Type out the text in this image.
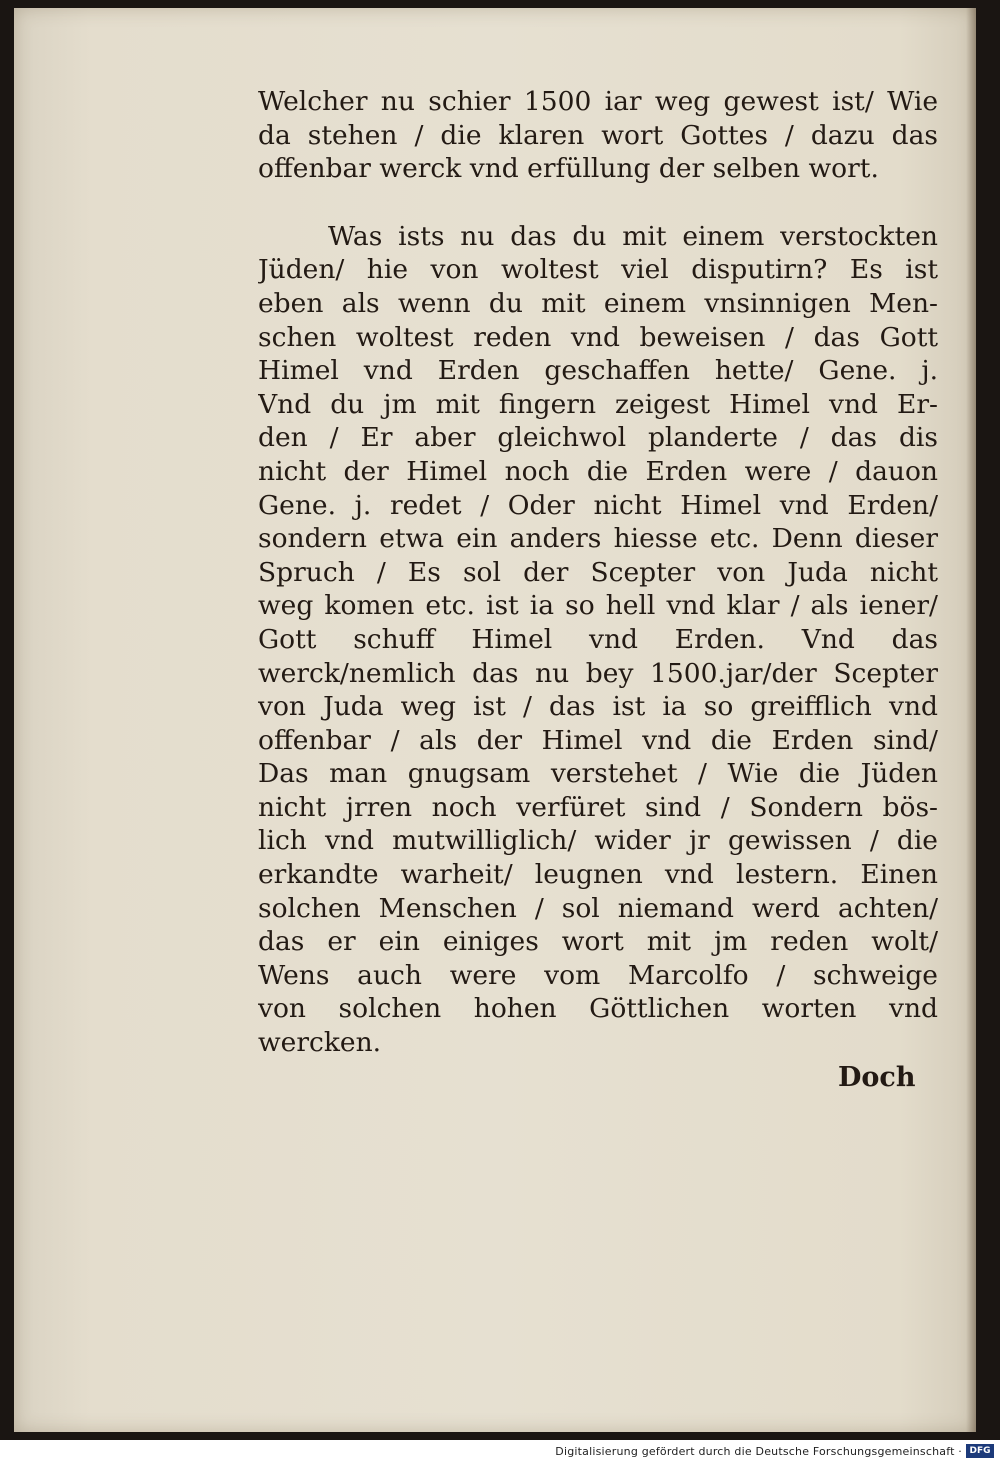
Welcher nu schier 1500 iar weg gewest ist/ Wie
da stehen / die klaren wort Gottes / dazu das
offenbar werck vnd erfüllung der selben wort.

Was ists nu das du mit einem verstockten
Jüden/ hie von woltest viel disputirn? Es ist
eben als wenn du mit einem vnsinnigen Men-
schen woltest reden vnd beweisen / das Gott
Himel vnd Erden geschaffen hette/ Gene. j.
Vnd du jm mit fingern zeigest Himel vnd Er-
den / Er aber gleichwol planderte / das dis
nicht der Himel noch die Erden were / dauon
Gene. j. redet / Oder nicht Himel vnd Erden/
sondern etwa ein anders hiesse etc. Denn dieser
Spruch / Es sol der Scepter von Juda nicht
weg komen etc. ist ia so hell vnd klar / als iener/
Gott schuff Himel vnd Erden. Vnd das
werck/nemlich das nu bey 1500.jar/der Scepter
von Juda weg ist / das ist ia so greifflich vnd
offenbar / als der Himel vnd die Erden sind/
Das man gnugsam verstehet / Wie die Jüden
nicht jrren noch verfüret sind / Sondern bös-
lich vnd mutwilliglich/ wider jr gewissen / die
erkandte warheit/ leugnen vnd lestern. Einen
solchen Menschen / sol niemand werd achten/
das er ein einiges wort mit jm reden wolt/
Wens auch were vom Marcolfo / schweige
von solchen hohen Göttlichen worten vnd
wercken.

Doch
Digitalisierung gefördert durch die Deutsche Forschungsgemeinschaft · DFG
